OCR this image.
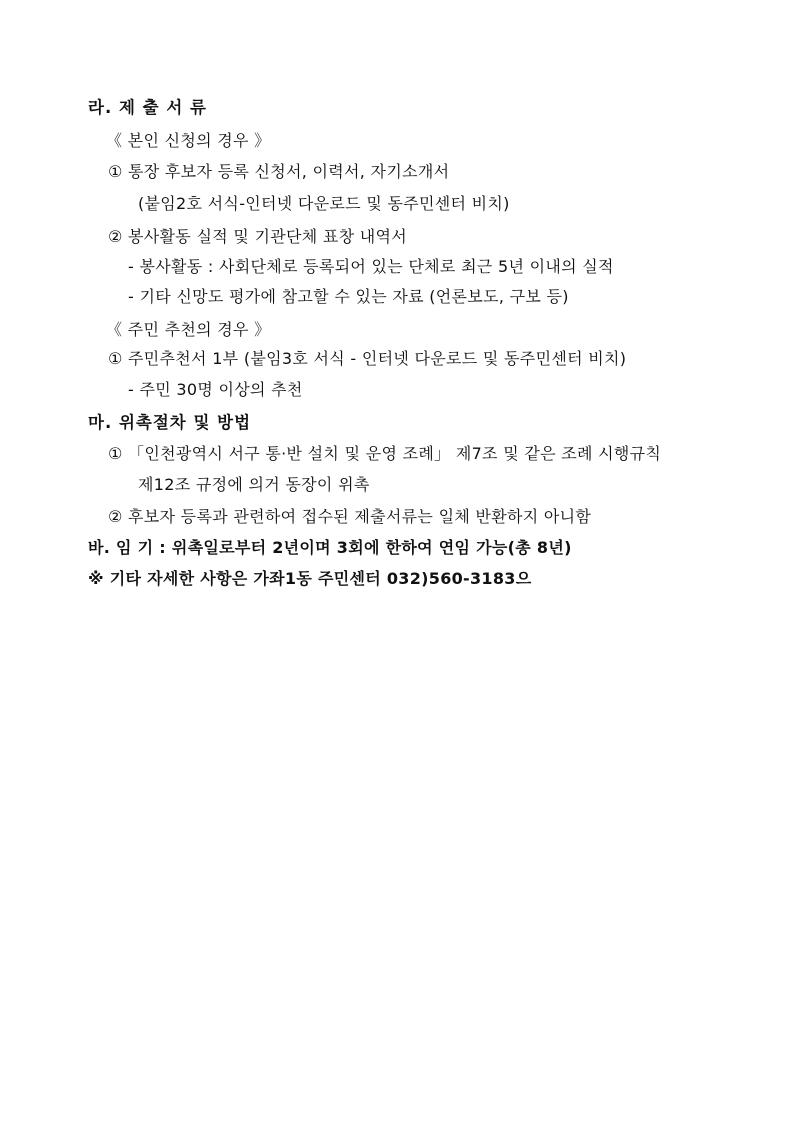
라. 제 출 서 류
《 본인 신청의 경우 》
① 통장 후보자 등록 신청서, 이력서, 자기소개서
(붙임2호 서식-인터넷 다운로드 및 동주민센터 비치)
② 봉사활동 실적 및 기관단체 표창 내역서
- 봉사활동 : 사회단체로 등록되어 있는 단체로 최근 5년 이내의 실적
- 기타 신망도 평가에 참고할 수 있는 자료 (언론보도, 구보 등)
《 주민 추천의 경우 》
① 주민추천서 1부 (붙임3호 서식 - 인터넷 다운로드 및 동주민센터 비치)
- 주민 30명 이상의 추천
마. 위촉절차 및 방법
① 「인천광역시 서구 통·반 설치 및 운영 조례」 제7조 및 같은 조례 시행규칙
제12조 규정에 의거 동장이 위촉
② 후보자 등록과 관련하여 접수된 제출서류는 일체 반환하지 아니함
바. 임 기 : 위촉일로부터 2년이며 3회에 한하여 연임 가능(총 8년)
※ 기타 자세한 사항은 가좌1동 주민센터 032)560-3183으
